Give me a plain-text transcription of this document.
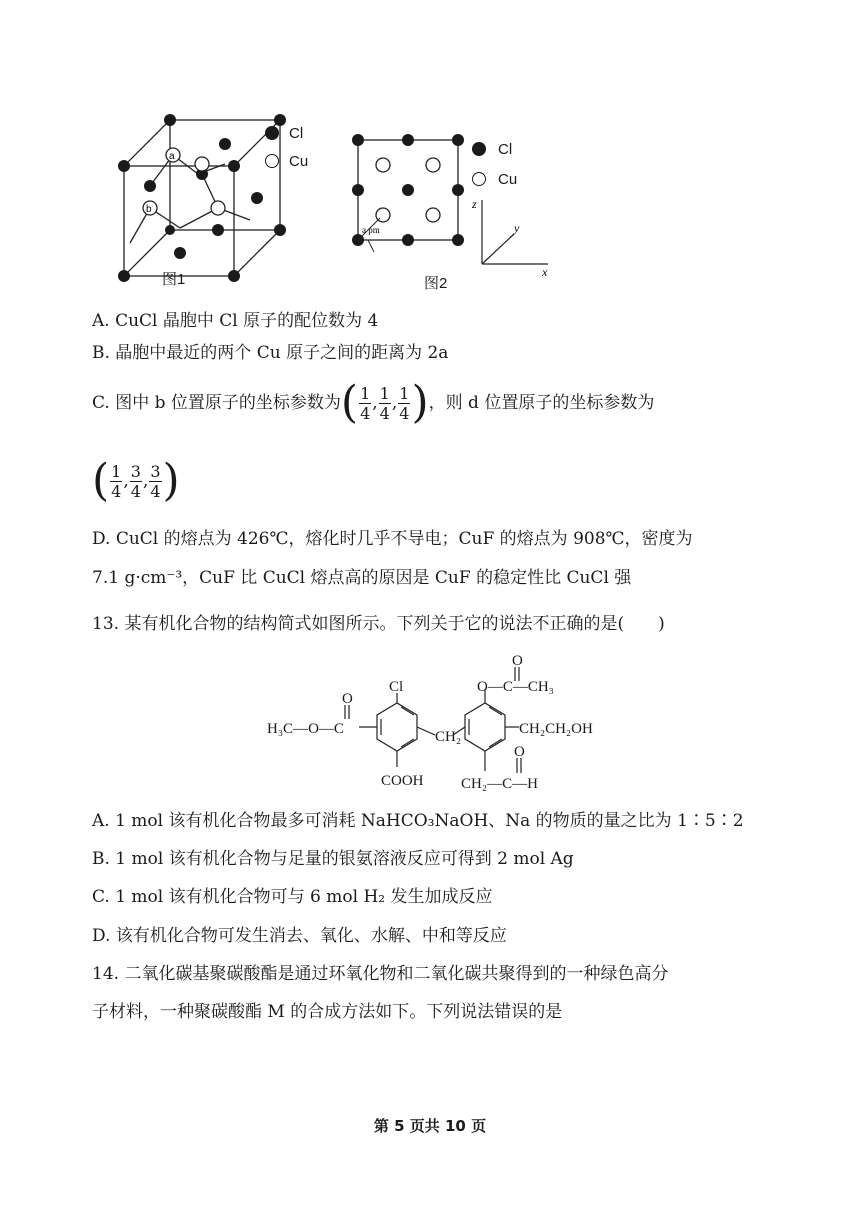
a
b
Cl
Cu
图1
a pm
Cl
Cu
z
y
x
图2
A. CuCl 晶胞中 Cl 原子的配位数为 4
B. 晶胞中最近的两个 Cu 原子之间的距离为 2a
C. 图中 b 位置原子的坐标参数为 ( $\frac{1}{4}$ , $\frac{1}{4}$ , $\frac{1}{4}$ ) ，则 d 位置原子的坐标参数为
( $\frac{1}{4}$ , $\frac{3}{4}$ , $\frac{3}{4}$ )
D. CuCl 的熔点为 426℃，熔化时几乎不导电；CuF 的熔点为 908℃，密度为
7.1 g·cm⁻³，CuF 比 CuCl 熔点高的原因是 CuF 的稳定性比 CuCl 强
13. 某有机化合物的结构简式如图所示。下列关于它的说法不正确的是(　　)
H₃C—O—C
O
Cl
CH₂
COOH
O—C—CH₃
O
CH₂CH₂OH
CH₂—C—H
O
A. 1 mol 该有机化合物最多可消耗 NaHCO₃NaOH、Na 的物质的量之比为 1∶5∶2
B. 1 mol 该有机化合物与足量的银氨溶液反应可得到 2 mol Ag
C. 1 mol 该有机化合物可与 6 mol H₂ 发生加成反应
D. 该有机化合物可发生消去、氧化、水解、中和等反应
14. 二氧化碳基聚碳酸酯是通过环氧化物和二氧化碳共聚得到的一种绿色高分
子材料，一种聚碳酸酯 M 的合成方法如下。下列说法错误的是
第 5 页共 10 页
